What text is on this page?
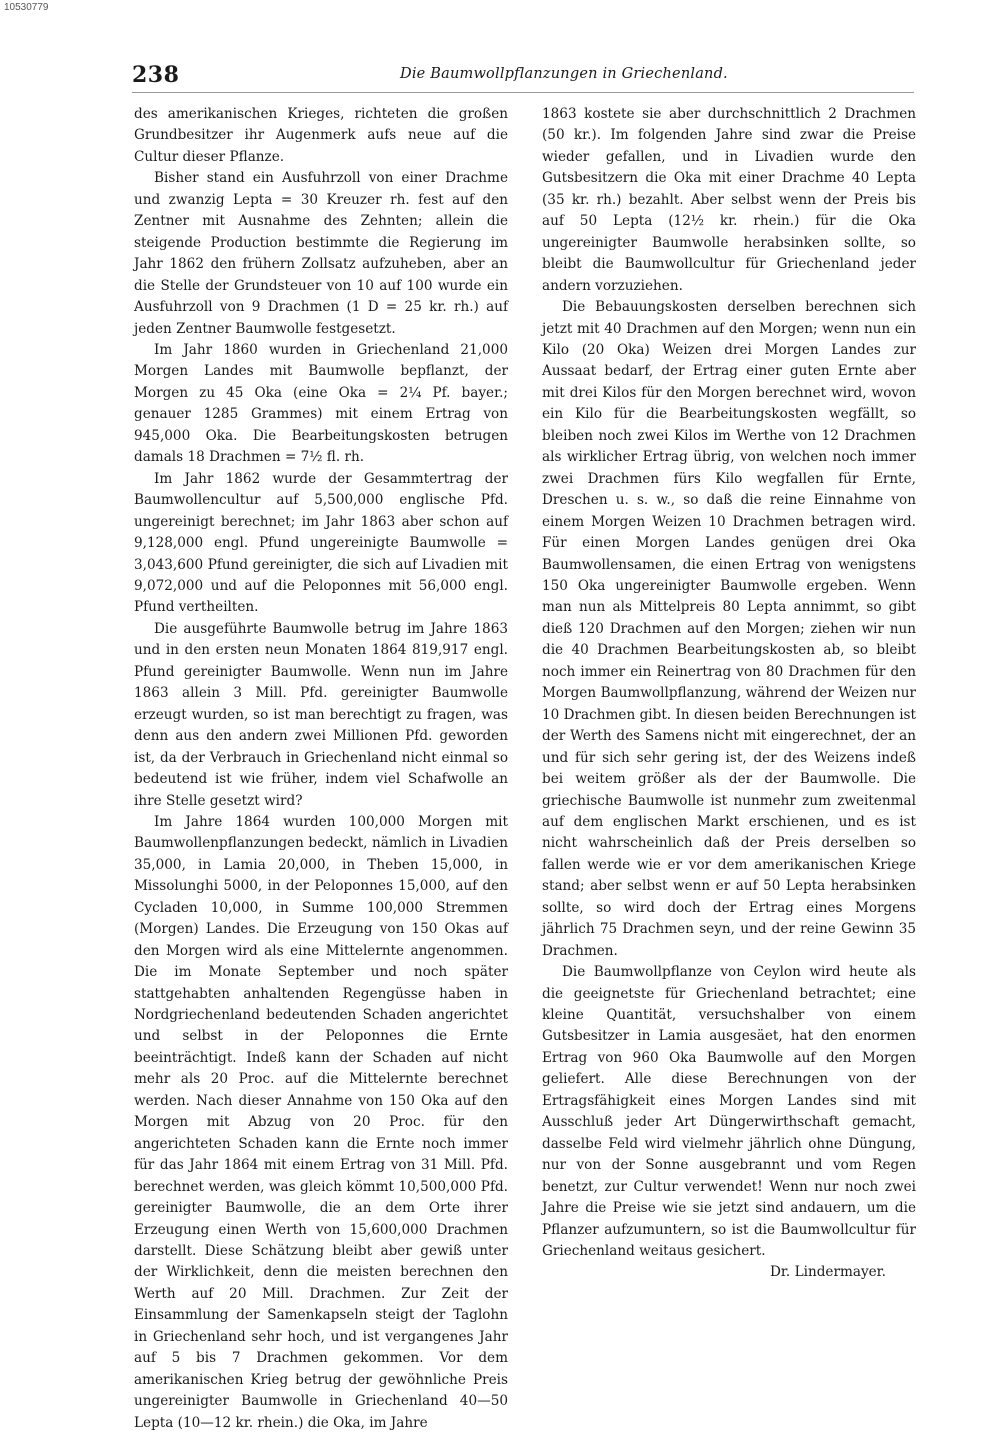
10530779
238	Die Baumwollpflanzungen in Griechenland.

des amerikanischen Krieges, richteten die großen Grundbesitzer ihr Augenmerk aufs neue auf die Cultur dieser Pflanze.

Bisher stand ein Ausfuhrzoll von einer Drachme und zwanzig Lepta = 30 Kreuzer rh. fest auf den Zentner mit Ausnahme des Zehnten; allein die steigende Production bestimmte die Regierung im Jahr 1862 den frühern Zollsatz aufzuheben, aber an die Stelle der Grundsteuer von 10 auf 100 wurde ein Ausfuhrzoll von 9 Drachmen (1 D = 25 kr. rh.) auf jeden Zentner Baumwolle festgesetzt.

Im Jahr 1860 wurden in Griechenland 21,000 Morgen Landes mit Baumwolle bepflanzt, der Morgen zu 45 Oka (eine Oka = 2¼ Pf. bayer.; genauer 1285 Grammes) mit einem Ertrag von 945,000 Oka. Die Bearbeitungskosten betrugen damals 18 Drachmen = 7½ fl. rh.

Im Jahr 1862 wurde der Gesammtertrag der Baumwollencultur auf 5,500,000 englische Pfd. ungereinigt berechnet; im Jahr 1863 aber schon auf 9,128,000 engl. Pfund ungereinigte Baumwolle = 3,043,600 Pfund gereinigter, die sich auf Livadien mit 9,072,000 und auf die Peloponnes mit 56,000 engl. Pfund vertheilten.

Die ausgeführte Baumwolle betrug im Jahre 1863 und in den ersten neun Monaten 1864 819,917 engl. Pfund gereinigter Baumwolle. Wenn nun im Jahre 1863 allein 3 Mill. Pfd. gereinigter Baumwolle erzeugt wurden, so ist man berechtigt zu fragen, was denn aus den andern zwei Millionen Pfd. geworden ist, da der Verbrauch in Griechenland nicht einmal so bedeutend ist wie früher, indem viel Schafwolle an ihre Stelle gesetzt wird?

Im Jahre 1864 wurden 100,000 Morgen mit Baumwollenpflanzungen bedeckt, nämlich in Livadien 35,000, in Lamia 20,000, in Theben 15,000, in Missolunghi 5000, in der Peloponnes 15,000, auf den Cycladen 10,000, in Summe 100,000 Stremmen (Morgen) Landes. Die Erzeugung von 150 Okas auf den Morgen wird als eine Mittelernte angenommen. Die im Monate September und noch später stattgehabten anhaltenden Regengüsse haben in Nordgriechenland bedeutenden Schaden angerichtet und selbst in der Peloponnes die Ernte beeinträchtigt. Indeß kann der Schaden auf nicht mehr als 20 Proc. auf die Mittelernte berechnet werden. Nach dieser Annahme von 150 Oka auf den Morgen mit Abzug von 20 Proc. für den angerichteten Schaden kann die Ernte noch immer für das Jahr 1864 mit einem Ertrag von 31 Mill. Pfd. berechnet werden, was gleich kömmt 10,500,000 Pfd. gereinigter Baumwolle, die an dem Orte ihrer Erzeugung einen Werth von 15,600,000 Drachmen darstellt. Diese Schätzung bleibt aber gewiß unter der Wirklichkeit, denn die meisten berechnen den Werth auf 20 Mill. Drachmen. Zur Zeit der Einsammlung der Samenkapseln steigt der Taglohn in Griechenland sehr hoch, und ist vergangenes Jahr auf 5 bis 7 Drachmen gekommen. Vor dem amerikanischen Krieg betrug der gewöhnliche Preis ungereinigter Baumwolle in Griechenland 40—50 Lepta (10—12 kr. rhein.) die Oka, im Jahre

1863 kostete sie aber durchschnittlich 2 Drachmen (50 kr.). Im folgenden Jahre sind zwar die Preise wieder gefallen, und in Livadien wurde den Gutsbesitzern die Oka mit einer Drachme 40 Lepta (35 kr. rh.) bezahlt. Aber selbst wenn der Preis bis auf 50 Lepta (12½ kr. rhein.) für die Oka ungereinigter Baumwolle herabsinken sollte, so bleibt die Baumwollcultur für Griechenland jeder andern vorzuziehen.

Die Bebauungskosten derselben berechnen sich jetzt mit 40 Drachmen auf den Morgen; wenn nun ein Kilo (20 Oka) Weizen drei Morgen Landes zur Aussaat bedarf, der Ertrag einer guten Ernte aber mit drei Kilos für den Morgen berechnet wird, wovon ein Kilo für die Bearbeitungskosten wegfällt, so bleiben noch zwei Kilos im Werthe von 12 Drachmen als wirklicher Ertrag übrig, von welchen noch immer zwei Drachmen fürs Kilo wegfallen für Ernte, Dreschen u. s. w., so daß die reine Einnahme von einem Morgen Weizen 10 Drachmen betragen wird. Für einen Morgen Landes genügen drei Oka Baumwollensamen, die einen Ertrag von wenigstens 150 Oka ungereinigter Baumwolle ergeben. Wenn man nun als Mittelpreis 80 Lepta annimmt, so gibt dieß 120 Drachmen auf den Morgen; ziehen wir nun die 40 Drachmen Bearbeitungskosten ab, so bleibt noch immer ein Reinertrag von 80 Drachmen für den Morgen Baumwollpflanzung, während der Weizen nur 10 Drachmen gibt. In diesen beiden Berechnungen ist der Werth des Samens nicht mit eingerechnet, der an und für sich sehr gering ist, der des Weizens indeß bei weitem größer als der der Baumwolle. Die griechische Baumwolle ist nunmehr zum zweitenmal auf dem englischen Markt erschienen, und es ist nicht wahrscheinlich daß der Preis derselben so fallen werde wie er vor dem amerikanischen Kriege stand; aber selbst wenn er auf 50 Lepta herabsinken sollte, so wird doch der Ertrag eines Morgens jährlich 75 Drachmen seyn, und der reine Gewinn 35 Drachmen.

Die Baumwollpflanze von Ceylon wird heute als die geeignetste für Griechenland betrachtet; eine kleine Quantität, versuchshalber von einem Gutsbesitzer in Lamia ausgesäet, hat den enormen Ertrag von 960 Oka Baumwolle auf den Morgen geliefert. Alle diese Berechnungen von der Ertragsfähigkeit eines Morgen Landes sind mit Ausschluß jeder Art Düngerwirthschaft gemacht, dasselbe Feld wird vielmehr jährlich ohne Düngung, nur von der Sonne ausgebrannt und vom Regen benetzt, zur Cultur verwendet! Wenn nur noch zwei Jahre die Preise wie sie jetzt sind andauern, um die Pflanzer aufzumuntern, so ist die Baumwollcultur für Griechenland weitaus gesichert.

Dr. Lindermayer.
